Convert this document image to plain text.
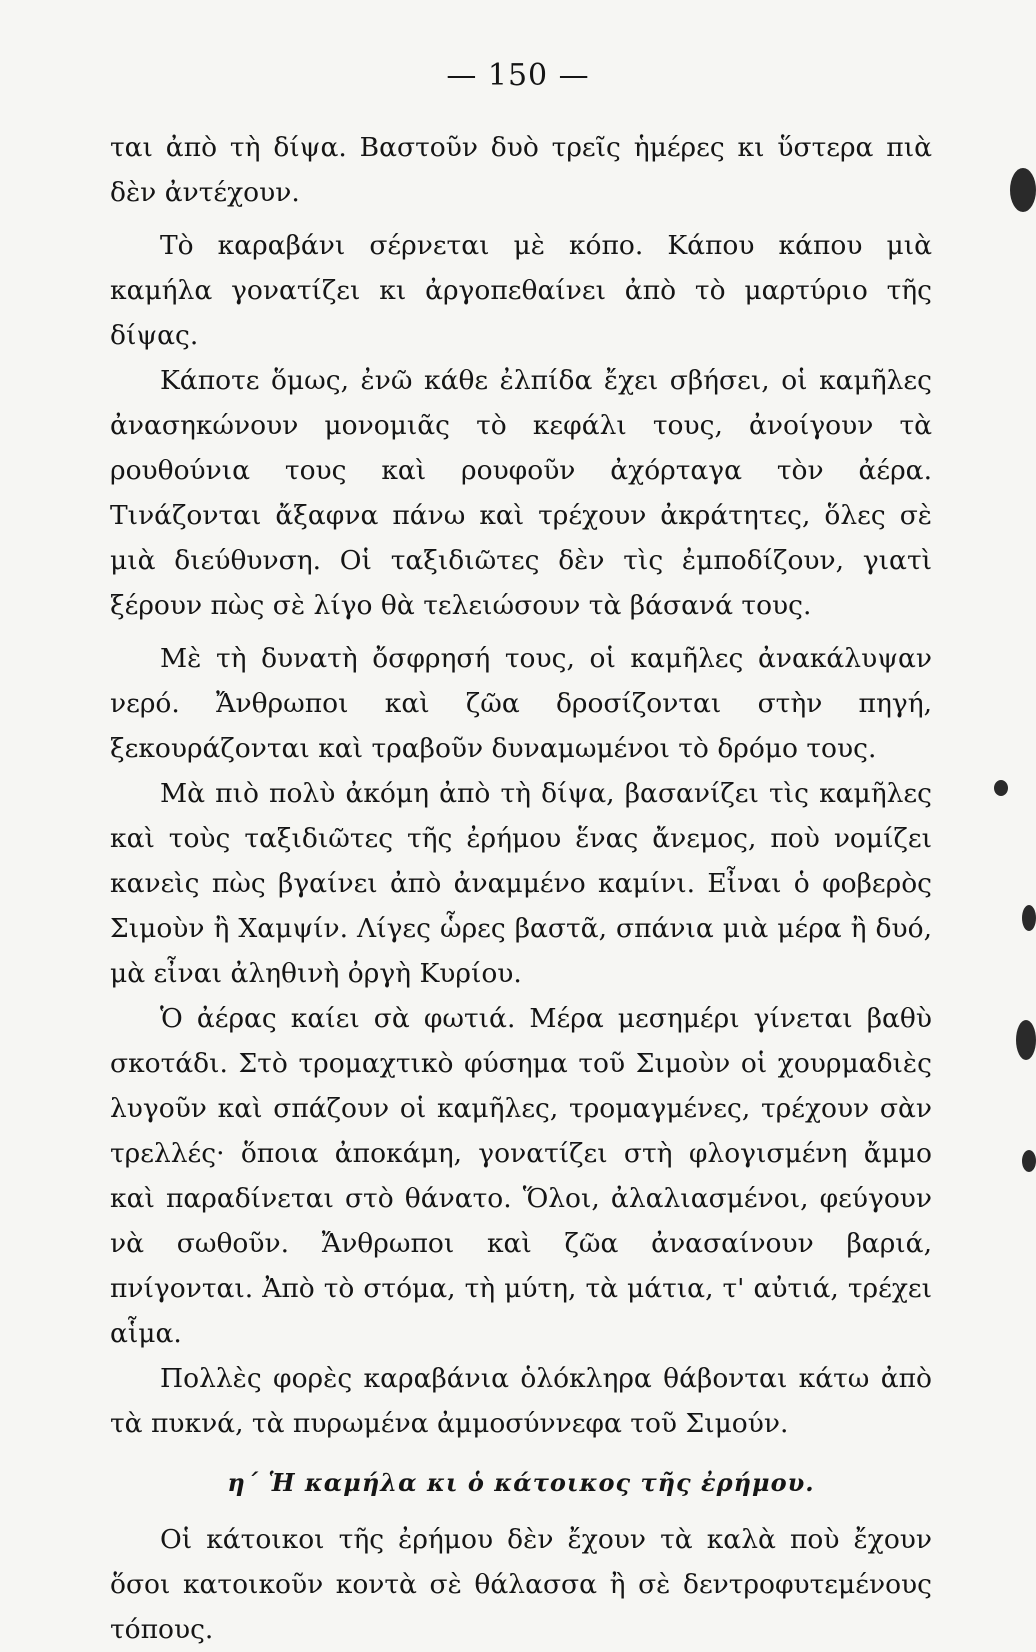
— 150 —

ται ἀπὸ τὴ δίψα. Βαστοῦν δυὸ τρεῖς ἡμέρες κι ὕστερα πιὰ δὲν ἀντέχουν.

Τὸ καραβάνι σέρνεται μὲ κόπο. Κάπου κάπου μιὰ καμήλα γονατίζει κι ἀργοπεθαίνει ἀπὸ τὸ μαρτύριο τῆς δίψας.

Κάποτε ὅμως, ἐνῶ κάθε ἐλπίδα ἔχει σβήσει, οἱ καμῆλες ἀνασηκώνουν μονομιᾶς τὸ κεφάλι τους, ἀνοίγουν τὰ ρουθούνια τους καὶ ρουφοῦν ἀχόρταγα τὸν ἀέρα. Τινάζονται ἄξαφνα πάνω καὶ τρέχουν ἀκράτητες, ὅλες σὲ μιὰ διεύθυνση. Οἱ ταξιδιῶτες δὲν τὶς ἐμποδίζουν, γιατὶ ξέρουν πὼς σὲ λίγο θὰ τελειώσουν τὰ βάσανά τους.

Μὲ τὴ δυνατὴ ὄσφρησή τους, οἱ καμῆλες ἀνακάλυψαν νερό. Ἄνθρωποι καὶ ζῶα δροσίζονται στὴν πηγή, ξεκουράζονται καὶ τραβοῦν δυναμωμένοι τὸ δρόμο τους.

Μὰ πιὸ πολὺ ἀκόμη ἀπὸ τὴ δίψα, βασανίζει τὶς καμῆλες καὶ τοὺς ταξιδιῶτες τῆς ἐρήμου ἕνας ἄνεμος, ποὺ νομίζει κανεὶς πὼς βγαίνει ἀπὸ ἀναμμένο καμίνι. Εἶναι ὁ φοβερὸς Σιμοὺν ἢ Χαμψίν. Λίγες ὧρες βαστᾶ, σπάνια μιὰ μέρα ἢ δυό, μὰ εἶναι ἀληθινὴ ὀργὴ Κυρίου.

Ὁ ἀέρας καίει σὰ φωτιά. Μέρα μεσημέρι γίνεται βαθὺ σκοτάδι. Στὸ τρομαχτικὸ φύσημα τοῦ Σιμοὺν οἱ χουρμαδιὲς λυγοῦν καὶ σπάζουν οἱ καμῆλες, τρομαγμένες, τρέχουν σὰν τρελλές· ὅποια ἀποκάμη, γονατίζει στὴ φλογισμένη ἄμμο καὶ παραδίνεται στὸ θάνατο. Ὅλοι, ἀλαλιασμένοι, φεύγουν νὰ σωθοῦν. Ἄνθρωποι καὶ ζῶα ἀνασαίνουν βαριά, πνίγονται. Ἀπὸ τὸ στόμα, τὴ μύτη, τὰ μάτια, τ' αὐτιά, τρέχει αἷμα.

Πολλὲς φορὲς καραβάνια ὁλόκληρα θάβονται κάτω ἀπὸ τὰ πυκνά, τὰ πυρωμένα ἀμμοσύννεφα τοῦ Σιμούν.

η΄ Ἡ καμήλα κι ὁ κάτοικος τῆς ἐρήμου.

Οἱ κάτοικοι τῆς ἐρήμου δὲν ἔχουν τὰ καλὰ ποὺ ἔχουν ὅσοι κατοικοῦν κοντὰ σὲ θάλασσα ἢ σὲ δεντροφυτεμένους τόπους.
